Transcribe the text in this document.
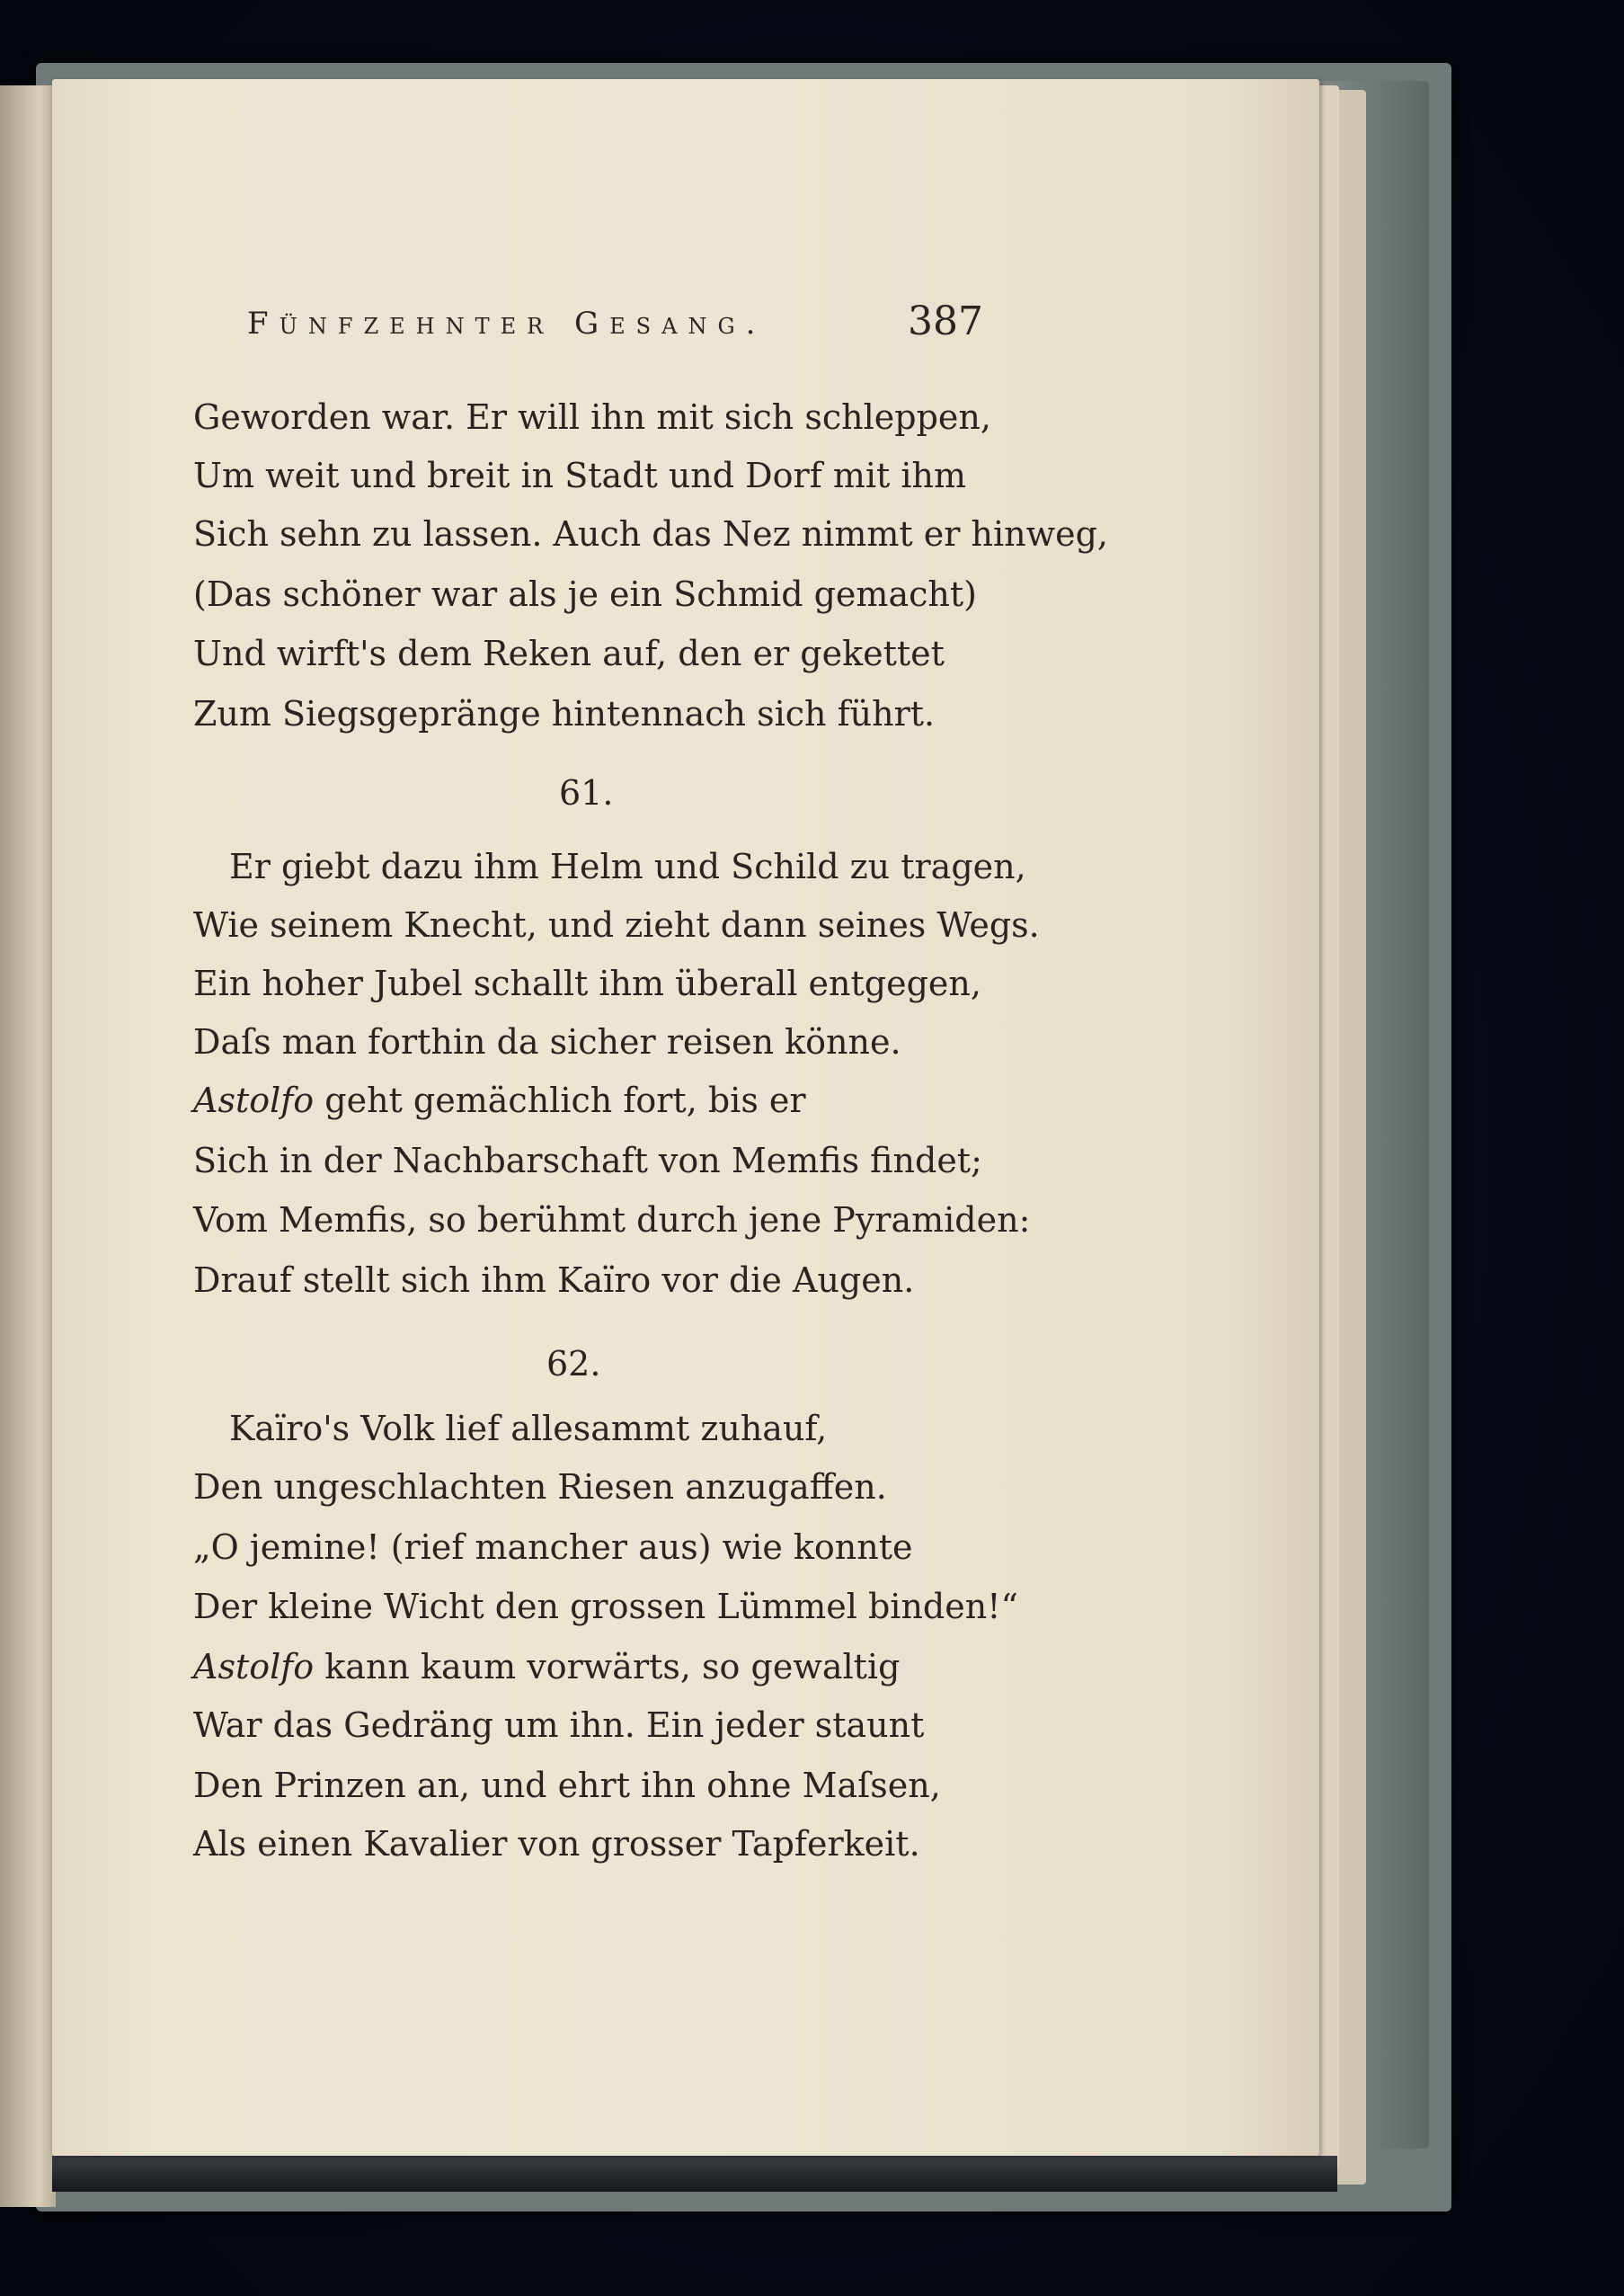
Fünfzehnter Gesang.	387
Geworden war. Er will ihn mit sich schleppen,
Um weit und breit in Stadt und Dorf mit ihm
Sich sehn zu lassen. Auch das Nez nimmt er hinweg,
(Das schöner war als je ein Schmid gemacht)
Und wirft's dem Reken auf, den er gekettet
Zum Siegsgepränge hintennach sich führt.
61.
Er giebt dazu ihm Helm und Schild zu tragen,
Wie seinem Knecht, und zieht dann seines Wegs.
Ein hoher Jubel schallt ihm überall entgegen,
Daſs man forthin da sicher reisen könne.
Astolfo geht gemächlich fort, bis er
Sich in der Nachbarschaft von Memfis findet;
Vom Memfis, so berühmt durch jene Pyramiden:
Drauf stellt sich ihm Kaïro vor die Augen.
62.
Kaïro's Volk lief allesammt zuhauf,
Den ungeschlachten Riesen anzugaffen.
„O jemine! (rief mancher aus) wie konnte
Der kleine Wicht den grossen Lümmel binden!“
Astolfo kann kaum vorwärts, so gewaltig
War das Gedräng um ihn. Ein jeder staunt
Den Prinzen an, und ehrt ihn ohne Maſsen,
Als einen Kavalier von grosser Tapferkeit.
